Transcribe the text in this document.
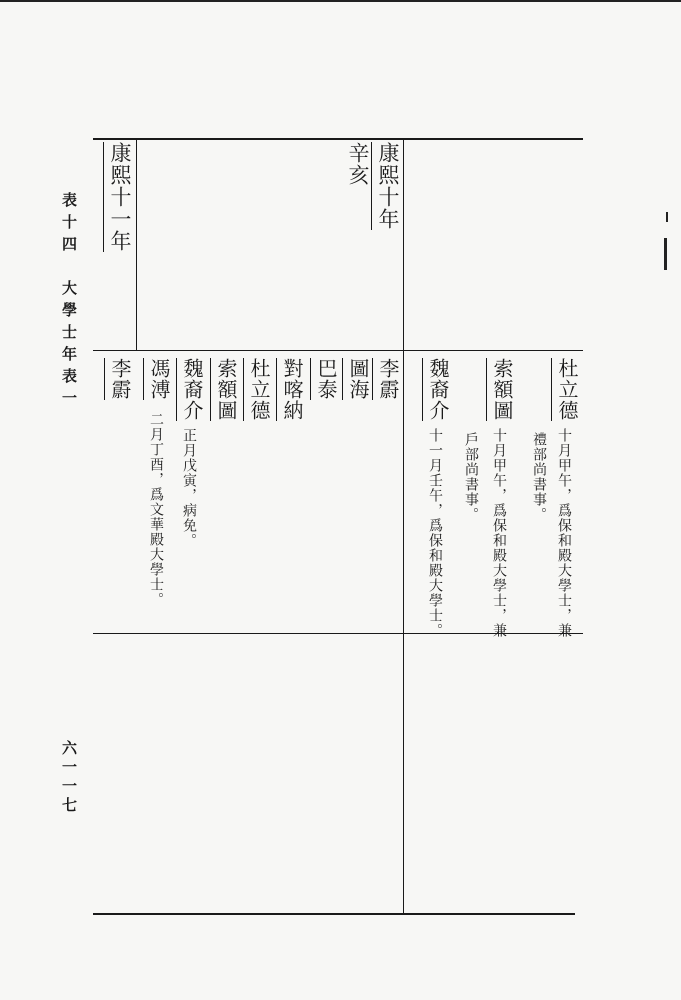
表十四　大學士年表一
六一一七
康熙十一年
李霨
康熙十年
辛亥
李霨
圖海
巴泰
對喀納
杜立德
索額圖
魏裔介
正月戊寅，病免。
馮溥
二月丁酉，爲文華殿大學士。
杜立德
十月甲午，爲保和殿大學士，兼
禮部尚書事。
索額圖
十月甲午，爲保和殿大學士，兼
戶部尚書事。
魏裔介
十一月壬午，爲保和殿大學士。
